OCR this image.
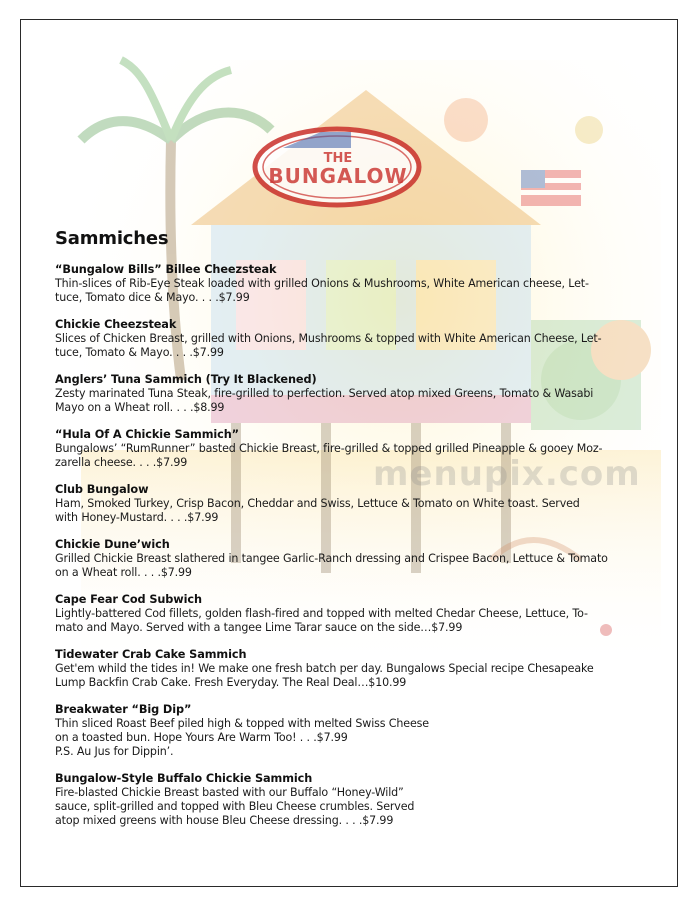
THE
BUNGALOW
menupix.com
Sammiches
“Bungalow Bills” Billee Cheezsteak
Thin-slices of Rib-Eye Steak loaded with grilled Onions & Mushrooms, White American cheese, Let-
tuce, Tomato dice & Mayo. . . .$7.99
Chickie Cheezsteak
Slices of Chicken Breast, grilled with Onions, Mushrooms & topped with White American Cheese, Let-
tuce, Tomato & Mayo. . . .$7.99
Anglers’ Tuna Sammich (Try It Blackened)
Zesty marinated Tuna Steak, fire-grilled to perfection. Served atop mixed Greens, Tomato & Wasabi
Mayo on a Wheat roll. . . .$8.99
“Hula Of A Chickie Sammich”
Bungalows’ “RumRunner” basted Chickie Breast, fire-grilled & topped grilled Pineapple & gooey Moz-
zarella cheese. . . .$7.99
Club Bungalow
Ham, Smoked Turkey, Crisp Bacon, Cheddar and Swiss, Lettuce & Tomato on White toast. Served
with Honey-Mustard. . . .$7.99
Chickie Dune’wich
Grilled Chickie Breast slathered in tangee Garlic-Ranch dressing and Crispee Bacon, Lettuce & Tomato
on a Wheat roll. . . .$7.99
Cape Fear Cod Subwich
Lightly-battered Cod fillets, golden flash-fired and topped with melted Chedar Cheese, Lettuce, To-
mato and Mayo. Served with a tangee Lime Tarar sauce on the side…$7.99
Tidewater Crab Cake Sammich
Get'em whild the tides in! We make one fresh batch per day. Bungalows Special recipe Chesapeake
Lump Backfin Crab Cake. Fresh Everyday. The Real Deal…$10.99
Breakwater “Big Dip”
Thin sliced Roast Beef piled high & topped with melted Swiss Cheese
on a toasted bun. Hope Yours Are Warm Too! . . .$7.99
P.S. Au Jus for Dippin’.
Bungalow-Style Buffalo Chickie Sammich
Fire-blasted Chickie Breast basted with our Buffalo “Honey-Wild”
sauce, split-grilled and topped with Bleu Cheese crumbles. Served
atop mixed greens with house Bleu Cheese dressing. . . .$7.99
